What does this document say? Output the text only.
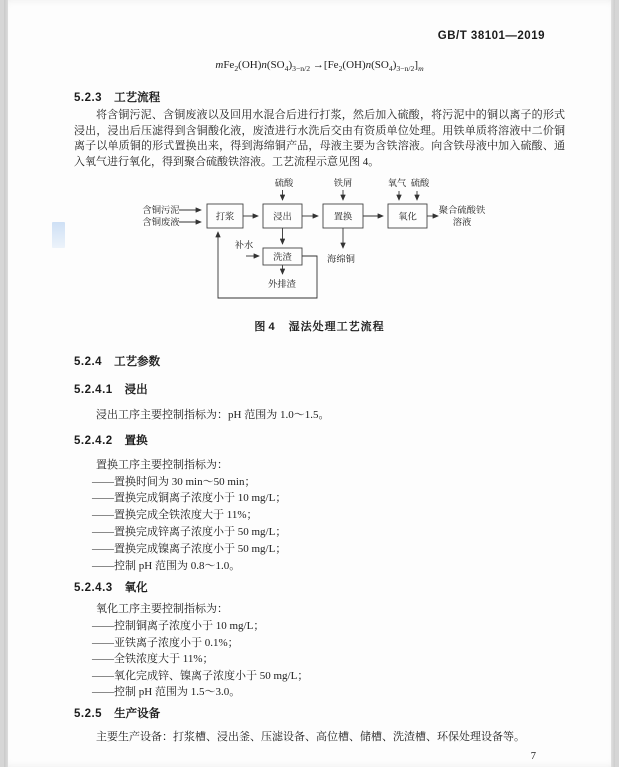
GB/T 38101—2019
$mFe_2(OH)n(SO_4)_{3-n/2} \to[Fe_2(OH)n(SO_4)_{3-n/2}]_m$
5.2.3 工艺流程
将含铜污泥、含铜废液以及回用水混合后进行打浆，然后加入硫酸，将污泥中的铜以离子的形式浸出，浸出后压滤得到含铜酸化液，废渣进行水洗后交由有资质单位处理。用铁单质将溶液中二价铜离子以单质铜的形式置换出来，得到海绵铜产品，母液主要为含铁溶液。向含铁母液中加入硫酸、通入氧气进行氧化，得到聚合硫酸铁溶液。工艺流程示意见图 4。
打浆	浸出	置换	氧化
洗渣
硫酸	铁屑	氧气 硫酸
含铜污泥
含铜废液
补水
海绵铜
外排渣
聚合硫酸铁
溶液
图 4 湿法处理工艺流程
5.2.4 工艺参数
5.2.4.1 浸出
浸出工序主要控制指标为：pH 范围为 1.0～1.5。
5.2.4.2 置换
置换工序主要控制指标为：
——置换时间为 30 min～50 min；
——置换完成铜离子浓度小于 10 mg/L；
——置换完成全铁浓度大于 11%；
——置换完成锌离子浓度小于 50 mg/L；
——置换完成镍离子浓度小于 50 mg/L；
——控制 pH 范围为 0.8～1.0。
5.2.4.3 氧化
氧化工序主要控制指标为：
——控制铜离子浓度小于 10 mg/L；
——亚铁离子浓度小于 0.1%；
——全铁浓度大于 11%；
——氧化完成锌、镍离子浓度小于 50 mg/L；
——控制 pH 范围为 1.5～3.0。
5.2.5 生产设备
主要生产设备：打浆槽、浸出釜、压滤设备、高位槽、储槽、洗渣槽、环保处理设备等。
7
